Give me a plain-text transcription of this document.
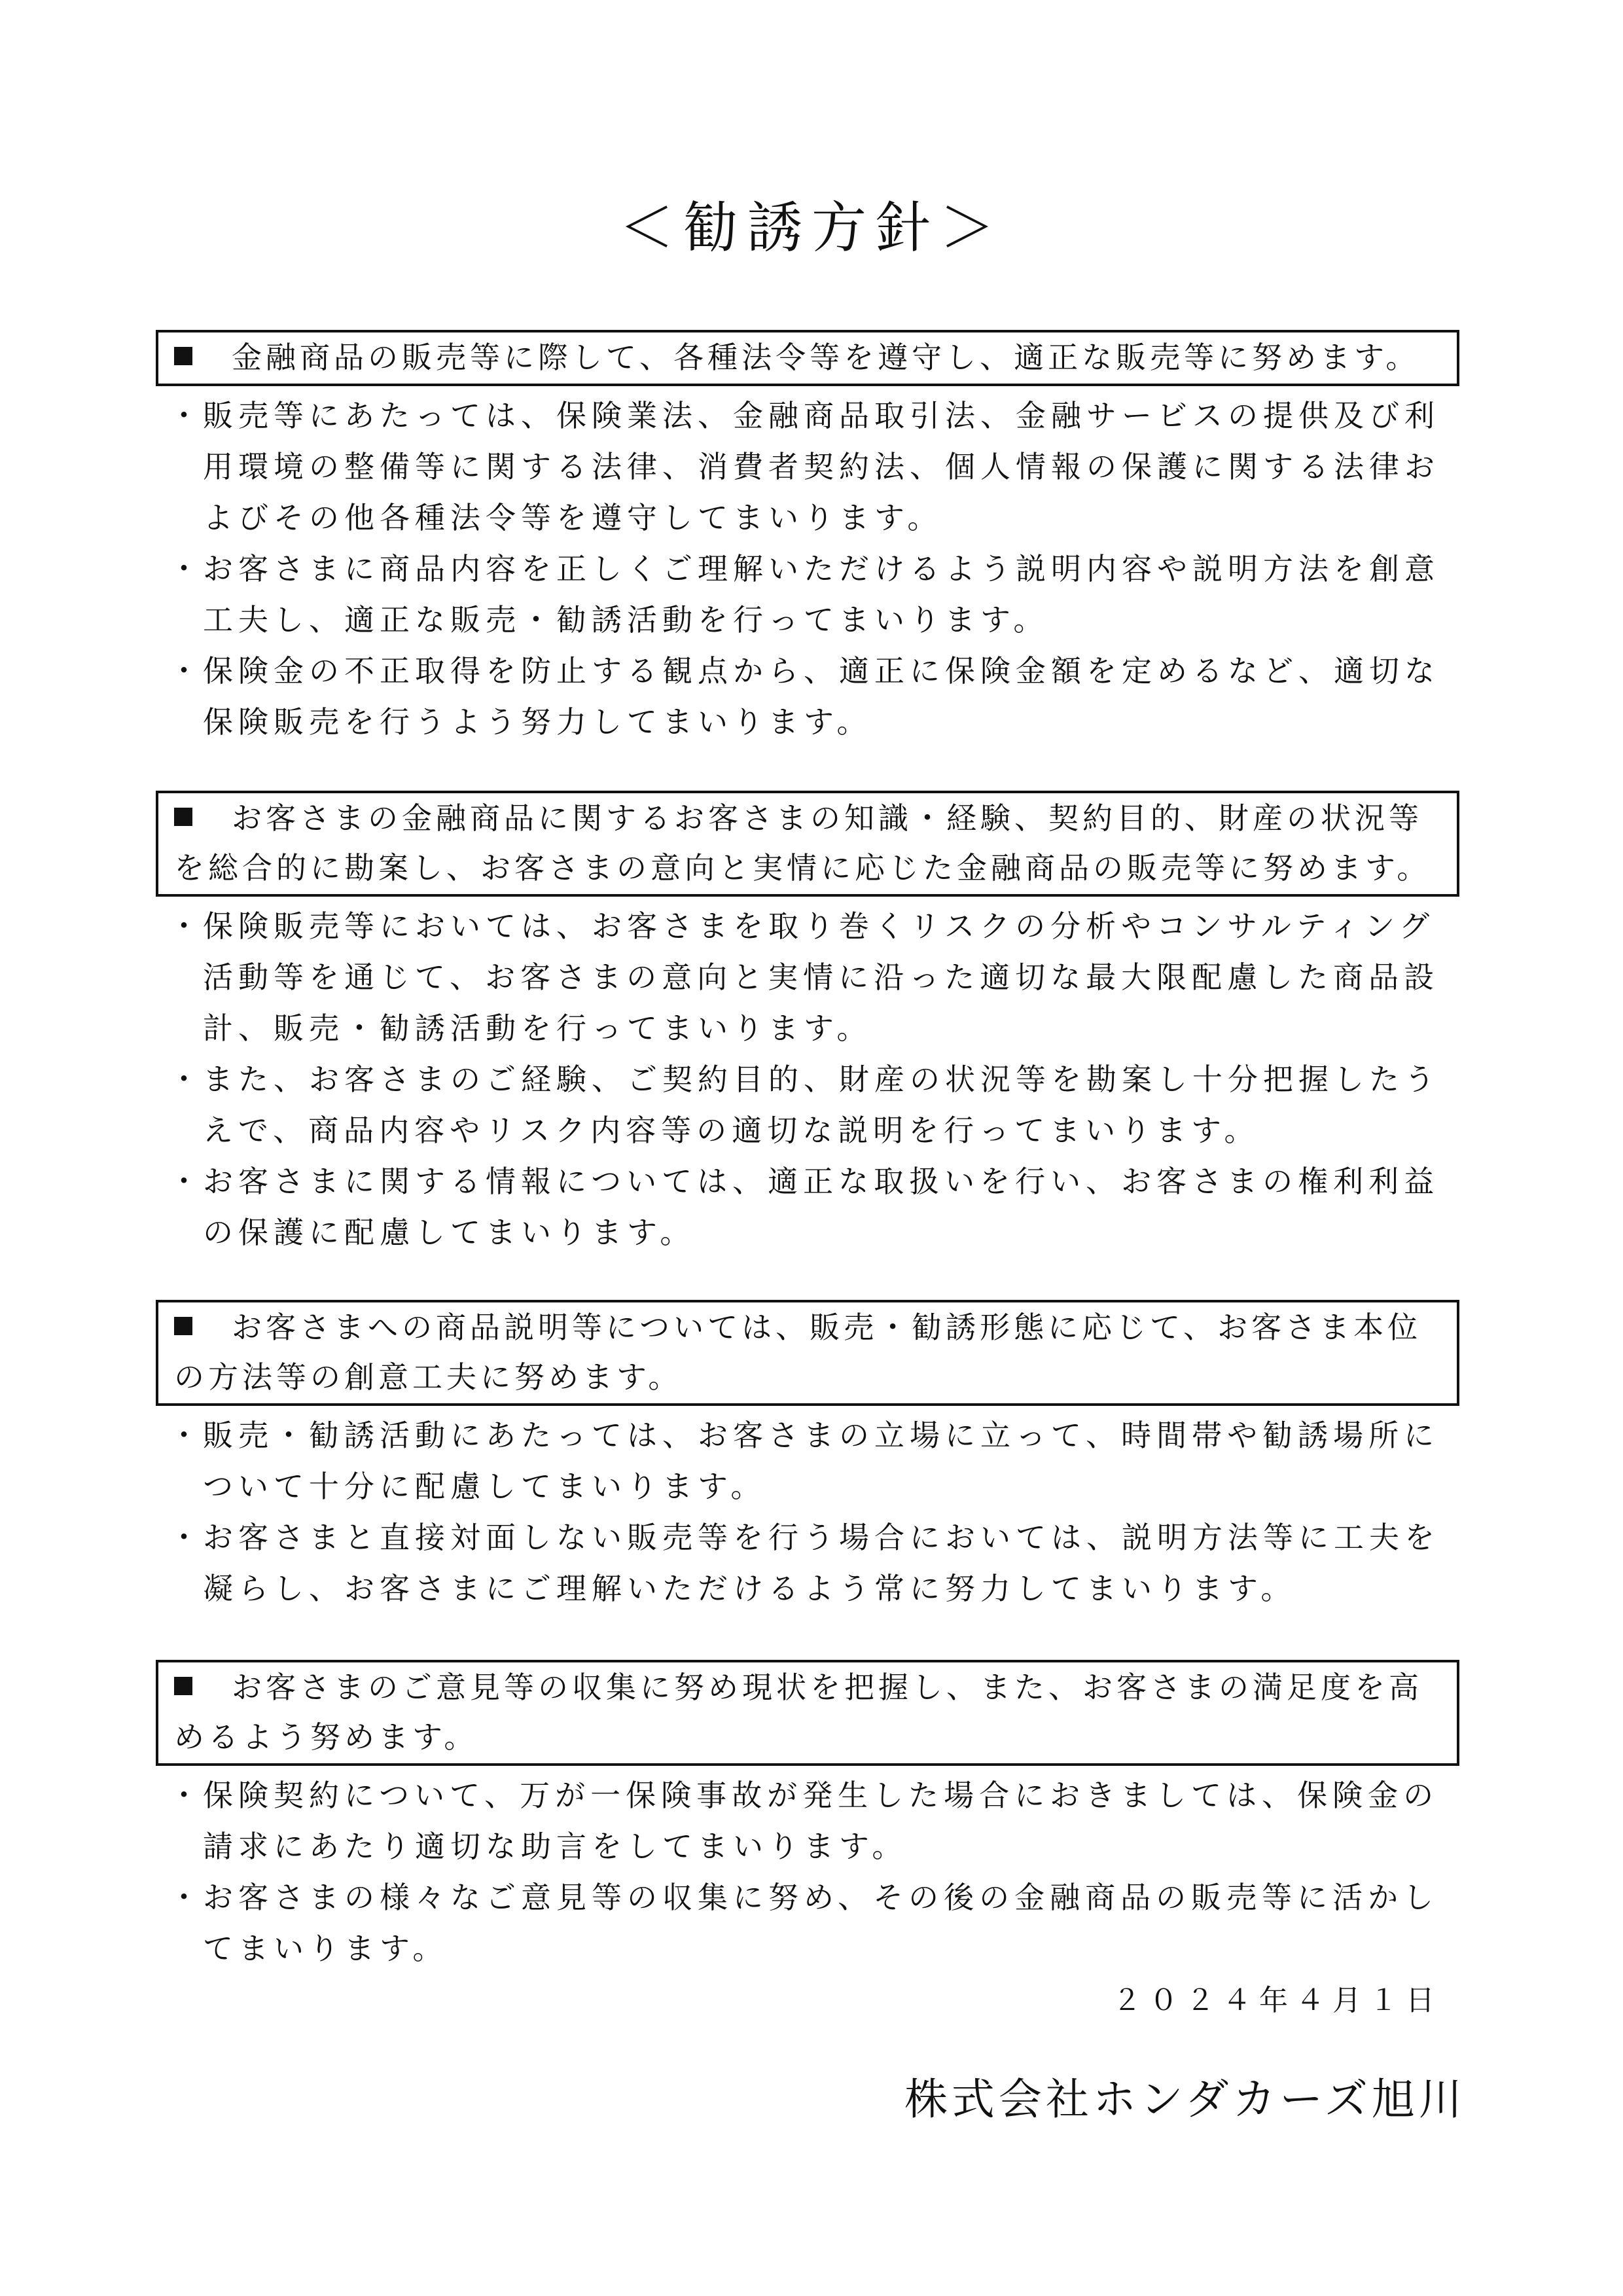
＜勧誘方針＞
金融商品の販売等に際して、各種法令等を遵守し、適正な販売等に努めます。
・
販売等にあたっては、保険業法、金融商品取引法、金融サービスの提供及び利用環境の整備等に関する法律、消費者契約法、個人情報の保護に関する法律およびその他各種法令等を遵守してまいります。
・
お客さまに商品内容を正しくご理解いただけるよう説明内容や説明方法を創意工夫し、適正な販売・勧誘活動を行ってまいります。
・
保険金の不正取得を防止する観点から、適正に保険金額を定めるなど、適切な保険販売を行うよう努力してまいります。
お客さまの金融商品に関するお客さまの知識・経験、契約目的、財産の状況等を総合的に勘案し、お客さまの意向と実情に応じた金融商品の販売等に努めます。
・
保険販売等においては、お客さまを取り巻くリスクの分析やコンサルティング活動等を通じて、お客さまの意向と実情に沿った適切な最大限配慮した商品設計、販売・勧誘活動を行ってまいります。
・
また、お客さまのご経験、ご契約目的、財産の状況等を勘案し十分把握したうえで、商品内容やリスク内容等の適切な説明を行ってまいります。
・
お客さまに関する情報については、適正な取扱いを行い、お客さまの権利利益の保護に配慮してまいります。
お客さまへの商品説明等については、販売・勧誘形態に応じて、お客さま本位の方法等の創意工夫に努めます。
・
販売・勧誘活動にあたっては、お客さまの立場に立って、時間帯や勧誘場所について十分に配慮してまいります。
・
お客さまと直接対面しない販売等を行う場合においては、説明方法等に工夫を凝らし、お客さまにご理解いただけるよう常に努力してまいります。
お客さまのご意見等の収集に努め現状を把握し、また、お客さまの満足度を高めるよう努めます。
・
保険契約について、万が一保険事故が発生した場合におきましては、保険金の請求にあたり適切な助言をしてまいります。
・
お客さまの様々なご意見等の収集に努め、その後の金融商品の販売等に活かしてまいります。
２０２４年４月１日
株式会社ホンダカーズ旭川
